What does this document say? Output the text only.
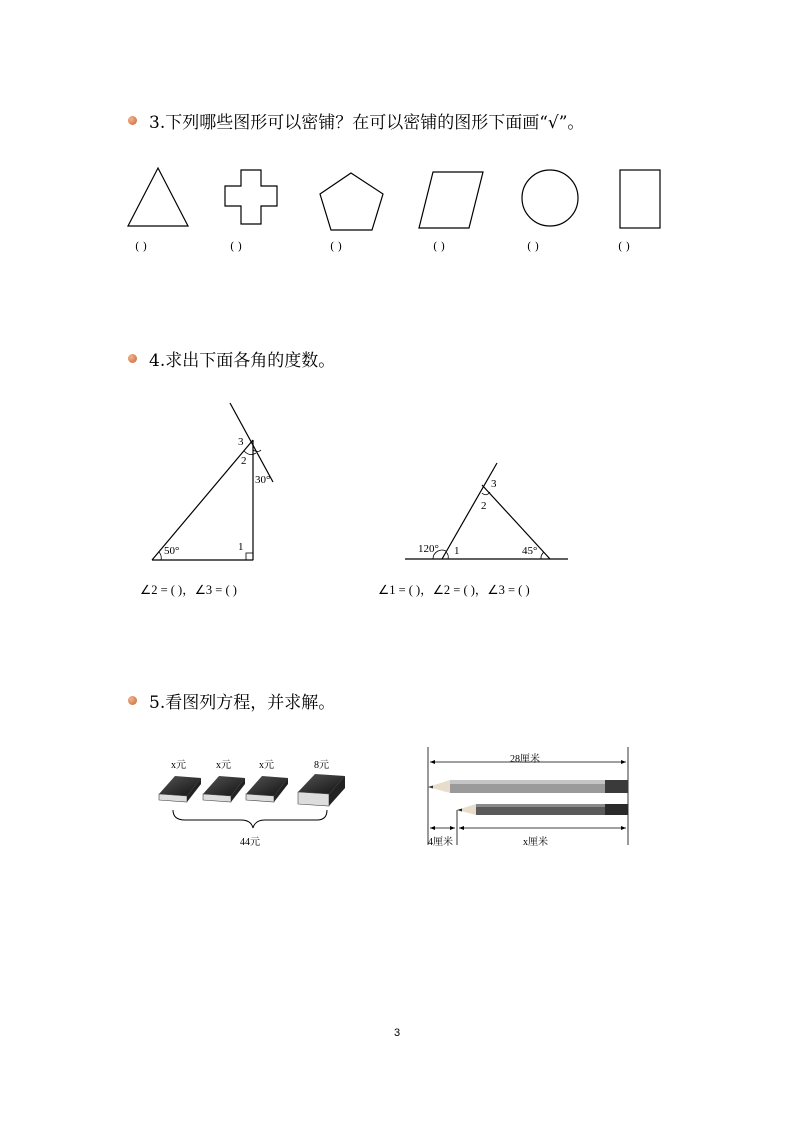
3.下列哪些图形可以密铺？在可以密铺的图形下面画“√”。
( )	( )	( )	( )	( )	( )
4.求出下面各角的度数。
3
2
30°
1
50°
3
2
120° 1	45°
∠2 = ( )，∠3 = ( )	∠1 = ( )，∠2 = ( )，∠3 = ( )
5.看图列方程，并求解。
x元	x元	x元	8元
44元
28厘米
4厘米	x厘米
3
